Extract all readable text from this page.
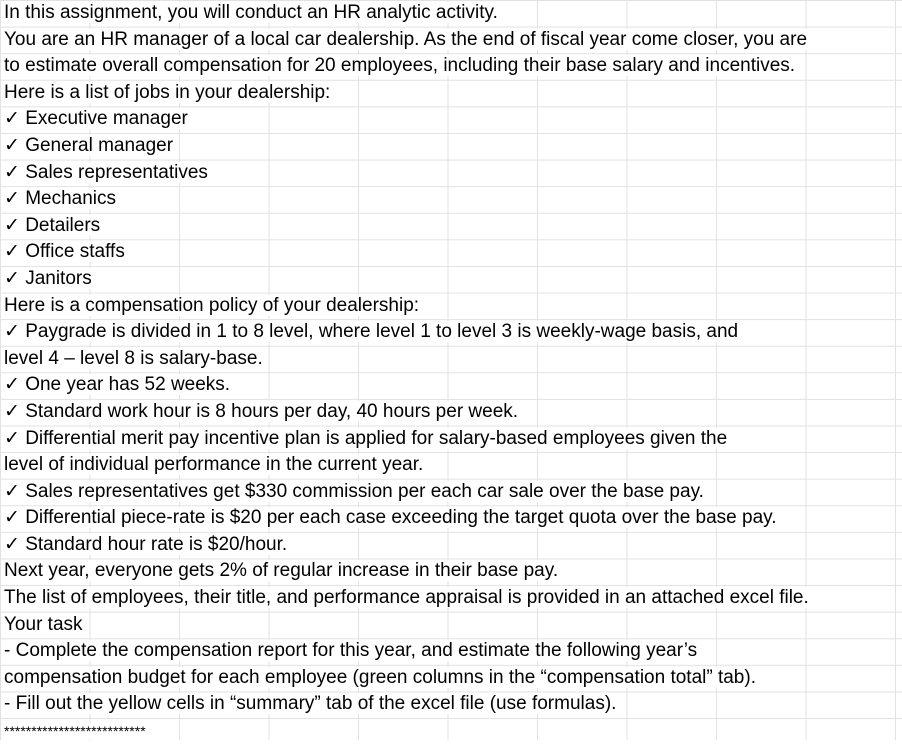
In this assignment, you will conduct an HR analytic activity.
You are an HR manager of a local car dealership. As the end of fiscal year come closer, you are
to estimate overall compensation for 20 employees, including their base salary and incentives.
Here is a list of jobs in your dealership:
✓ Executive manager
✓ General manager
✓ Sales representatives
✓ Mechanics
✓ Detailers
✓ Office staffs
✓ Janitors
Here is a compensation policy of your dealership:
✓ Paygrade is divided in 1 to 8 level, where level 1 to level 3 is weekly-wage basis, and
level 4 – level 8 is salary-base.
✓ One year has 52 weeks.
✓ Standard work hour is 8 hours per day, 40 hours per week.
✓ Differential merit pay incentive plan is applied for salary-based employees given the
level of individual performance in the current year.
✓ Sales representatives get $330 commission per each car sale over the base pay.
✓ Differential piece-rate is $20 per each case exceeding the target quota over the base pay.
✓ Standard hour rate is $20/hour.
Next year, everyone gets 2% of regular increase in their base pay.
The list of employees, their title, and performance appraisal is provided in an attached excel file.
Your task
- Complete the compensation report for this year, and estimate the following year’s
compensation budget for each employee (green columns in the “compensation total” tab).
- Fill out the yellow cells in “summary” tab of the excel file (use formulas).
**************************
